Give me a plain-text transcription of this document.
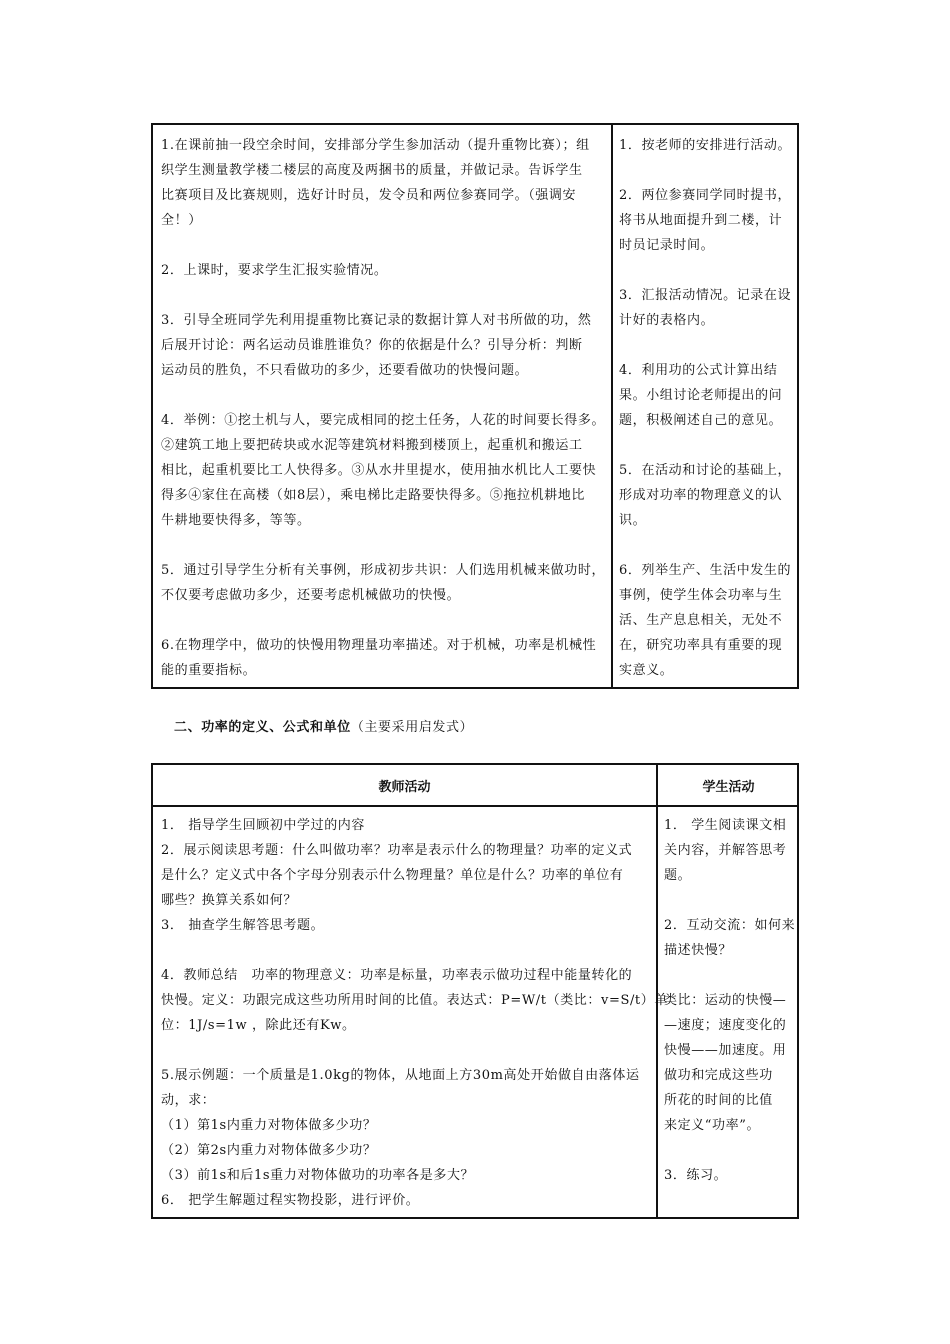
1.在课前抽一段空余时间，安排部分学生参加活动（提升重物比赛）；组

织学生测量教学楼二楼层的高度及两捆书的质量，并做记录。告诉学生

比赛项目及比赛规则，选好计时员，发令员和两位参赛同学。（强调安

全！）

2．上课时，要求学生汇报实验情况。

3．引导全班同学先利用提重物比赛记录的数据计算人对书所做的功，然

后展开讨论：两名运动员谁胜谁负？你的依据是什么？引导分析：判断

运动员的胜负，不只看做功的多少，还要看做功的快慢问题。

4．举例：①挖土机与人，要完成相同的挖土任务，人花的时间要长得多。

②建筑工地上要把砖块或水泥等建筑材料搬到楼顶上，起重机和搬运工

相比，起重机要比工人快得多。③从水井里提水，使用抽水机比人工要快

得多④家住在高楼（如8层），乘电梯比走路要快得多。⑤拖拉机耕地比

牛耕地要快得多，等等。

5．通过引导学生分析有关事例，形成初步共识：人们选用机械来做功时，

不仅要考虑做功多少，还要考虑机械做功的快慢。

6.在物理学中，做功的快慢用物理量功率描述。对于机械，功率是机械性

能的重要指标。

1．按老师的安排进行活动。

2．两位参赛同学同时提书，

将书从地面提升到二楼，计

时员记录时间。

3．汇报活动情况。记录在设

计好的表格内。

4．利用功的公式计算出结

果。小组讨论老师提出的问

题，积极阐述自己的意见。

5．在活动和讨论的基础上，

形成对功率的物理意义的认

识。

6．列举生产、生活中发生的

事例，使学生体会功率与生

活、生产息息相关，无处不

在，研究功率具有重要的现

实意义。

二、功率的定义、公式和单位（主要采用启发式）
教师活动	学生活动

1． 指导学生回顾初中学过的内容

2．展示阅读思考题：什么叫做功率？功率是表示什么的物理量？功率的定义式

是什么？定义式中各个字母分别表示什么物理量？单位是什么？功率的单位有

哪些？换算关系如何？

3． 抽查学生解答思考题。

4．教师总结　功率的物理意义：功率是标量，功率表示做功过程中能量转化的

快慢。定义：功跟完成这些功所用时间的比值。表达式：P=W/t（类比：v=S/t）单

位：1J/s=1w ，除此还有Kw。

5.展示例题：一个质量是1.0kg的物体，从地面上方30m高处开始做自由落体运

动，求：

（1）第1s内重力对物体做多少功？

（2）第2s内重力对物体做多少功？

（3）前1s和后1s重力对物体做功的功率各是多大？

6． 把学生解题过程实物投影，进行评价。

1． 学生阅读课文相

关内容，并解答思考

题。

2．互动交流：如何来

描述快慢？

类比：运动的快慢—

—速度；速度变化的

快慢——加速度。用

做功和完成这些功

所花的时间的比值

来定义“功率”。

3．练习。
